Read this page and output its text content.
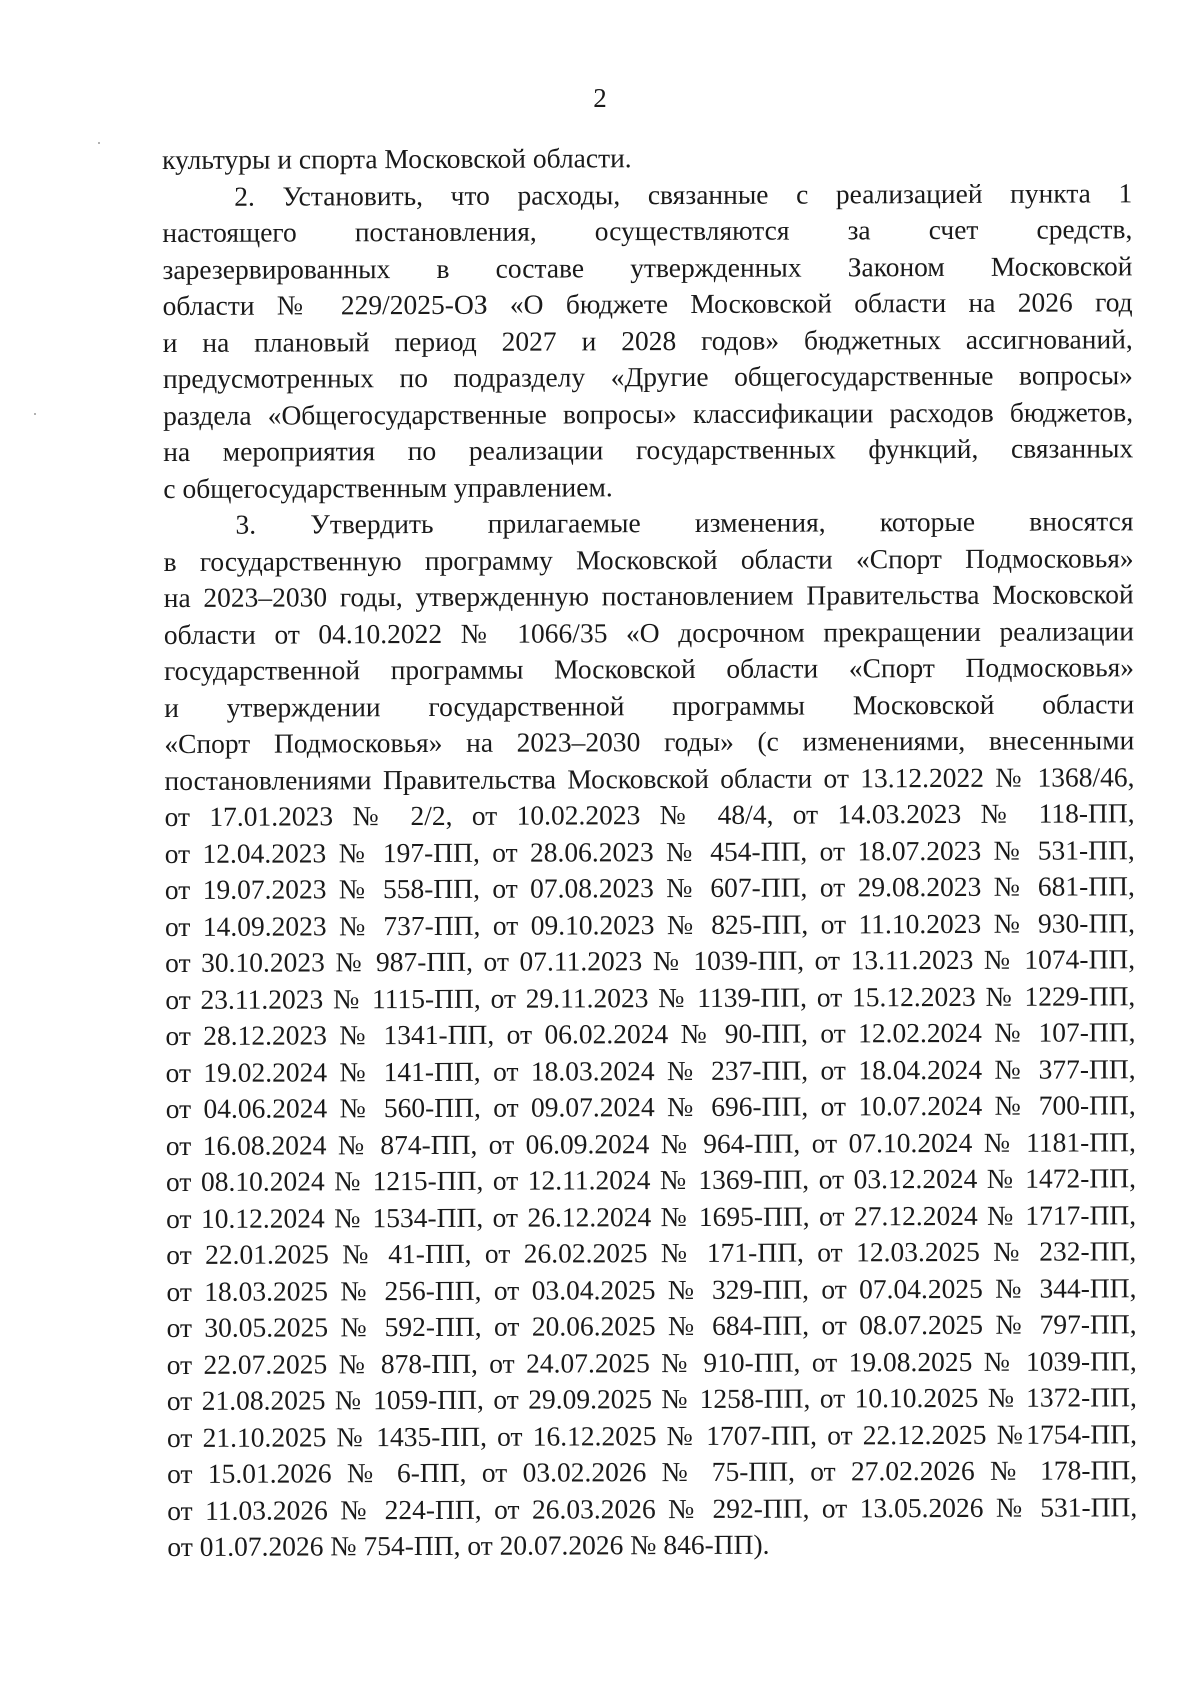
2
культуры и спорта Московской области.
2. Установить, что расходы, связанные с реализацией пункта 1
настоящего постановления, осуществляются за счет средств,
зарезервированных в составе утвержденных Законом Московской
области № 229/2025-ОЗ «О бюджете Московской области на 2026 год
и на плановый период 2027 и 2028 годов» бюджетных ассигнований,
предусмотренных по подразделу «Другие общегосударственные вопросы»
раздела «Общегосударственные вопросы» классификации расходов бюджетов,
на мероприятия по реализации государственных функций, связанных
с общегосударственным управлением.
3. Утвердить прилагаемые изменения, которые вносятся
в государственную программу Московской области «Спорт Подмосковья»
на 2023–2030 годы, утвержденную постановлением Правительства Московской
области от 04.10.2022 № 1066/35 «О досрочном прекращении реализации
государственной программы Московской области «Спорт Подмосковья»
и утверждении государственной программы Московской области
«Спорт Подмосковья» на 2023–2030 годы» (с изменениями, внесенными
постановлениями Правительства Московской области от 13.12.2022 № 1368/46,
от 17.01.2023 № 2/2, от 10.02.2023 № 48/4, от 14.03.2023 № 118-ПП,
от 12.04.2023 № 197-ПП, от 28.06.2023 № 454-ПП, от 18.07.2023 № 531-ПП,
от 19.07.2023 № 558-ПП, от 07.08.2023 № 607-ПП, от 29.08.2023 № 681-ПП,
от 14.09.2023 № 737-ПП, от 09.10.2023 № 825-ПП, от 11.10.2023 № 930-ПП,
от 30.10.2023 № 987-ПП, от 07.11.2023 № 1039-ПП, от 13.11.2023 № 1074-ПП,
от 23.11.2023 № 1115-ПП, от 29.11.2023 № 1139-ПП, от 15.12.2023 № 1229-ПП,
от 28.12.2023 № 1341-ПП, от 06.02.2024 № 90-ПП, от 12.02.2024 № 107-ПП,
от 19.02.2024 № 141-ПП, от 18.03.2024 № 237-ПП, от 18.04.2024 № 377-ПП,
от 04.06.2024 № 560-ПП, от 09.07.2024 № 696-ПП, от 10.07.2024 № 700-ПП,
от 16.08.2024 № 874-ПП, от 06.09.2024 № 964-ПП, от 07.10.2024 № 1181-ПП,
от 08.10.2024 № 1215-ПП, от 12.11.2024 № 1369-ПП, от 03.12.2024 № 1472-ПП,
от 10.12.2024 № 1534-ПП, от 26.12.2024 № 1695-ПП, от 27.12.2024 № 1717-ПП,
от 22.01.2025 № 41-ПП, от 26.02.2025 № 171-ПП, от 12.03.2025 № 232-ПП,
от 18.03.2025 № 256-ПП, от 03.04.2025 № 329-ПП, от 07.04.2025 № 344-ПП,
от 30.05.2025 № 592-ПП, от 20.06.2025 № 684-ПП, от 08.07.2025 № 797-ПП,
от 22.07.2025 № 878-ПП, от 24.07.2025 № 910-ПП, от 19.08.2025 № 1039-ПП,
от 21.08.2025 № 1059-ПП, от 29.09.2025 № 1258-ПП, от 10.10.2025 № 1372-ПП,
от 21.10.2025 № 1435-ПП, от 16.12.2025 № 1707-ПП, от 22.12.2025 №1754-ПП,
от 15.01.2026 № 6-ПП, от 03.02.2026 № 75-ПП, от 27.02.2026 № 178-ПП,
от 11.03.2026 № 224-ПП, от 26.03.2026 № 292-ПП, от 13.05.2026 № 531-ПП,
от 01.07.2026 № 754-ПП, от 20.07.2026 № 846-ПП).
